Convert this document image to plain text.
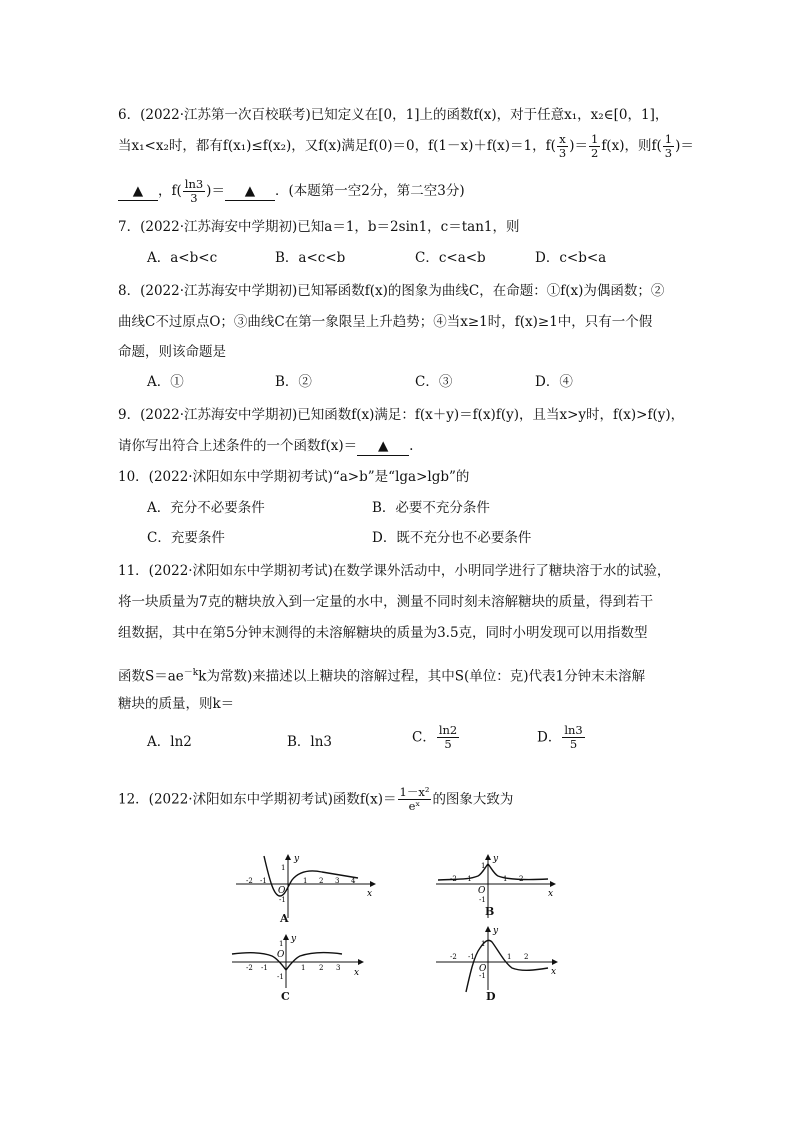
6．(2022·江苏第一次百校联考)已知定义在[0，1]上的函数f(x)，对于任意x₁，x₂∈[0，1]，
当x₁<x₂时，都有f(x₁)≤f(x₂)，又f(x)满足f(0)＝0，f(1－x)＋f(x)＝1，$f( \frac{x}{3}$ )＝ $\frac{1}{2} f(x)$，则$f( \frac{1}{3}$ )＝
▲ ，$f( \frac{\ln 3}{3}$ )＝ ▲ ．(本题第一空2分，第二空3分)
7．(2022·江苏海安中学期初)已知a＝1，b＝2sin1，c＝tan1，则
A．a<b<c	B．a<c<b	C．c<a<b	D．c<b<a
8．(2022·江苏海安中学期初)已知幂函数f(x)的图象为曲线C，在命题：①f(x)为偶函数；②
曲线C不过原点O；③曲线C在第一象限呈上升趋势；④当x≥1时，f(x)≥1中，只有一个假
命题，则该命题是
A．①	B．②	C．③	D．④
9．(2022·江苏海安中学期初)已知函数f(x)满足：f(x＋y)＝f(x)f(y)，且当x>y时，f(x)>f(y)，
请你写出符合上述条件的一个函数f(x)＝ ▲ .
10．(2022·沭阳如东中学期初考试)“a>b”是“lga>lgb”的
A．充分不必要条件	B．必要不充分条件
C．充要条件	D．既不充分也不必要条件
11．(2022·沭阳如东中学期初考试)在数学课外活动中，小明同学进行了糖块溶于水的试验，
将一块质量为7克的糖块放入到一定量的水中，测量不同时刻未溶解糖块的质量，得到若干
组数据，其中在第5分钟末测得的未溶解糖块的质量为3.5克，同时小明发现可以用指数型
函数$S=ae^{-k}k$为常数)来描述以上糖块的溶解过程，其中S(单位：克)代表1分钟末未溶解
糖块的质量，则k＝
A．ln2	B．ln3	C． $\frac{\ln 2}{5}$	D． $\frac{\ln 3}{5}$
12．(2022·沭阳如东中学期初考试)函数$f(x)= \frac{\text{1－x²}}{\text{eˣ}}$ 的图象大致为
y
x
O
-2 -1	1 2 3 4
1
-1
A
y
x
O
-2 -1	1 2
1
-1
B
y
x
O
-2 -1	1 2 3
1
-1
C
y
x
O
-2 -1	1 2
1
-1
D
